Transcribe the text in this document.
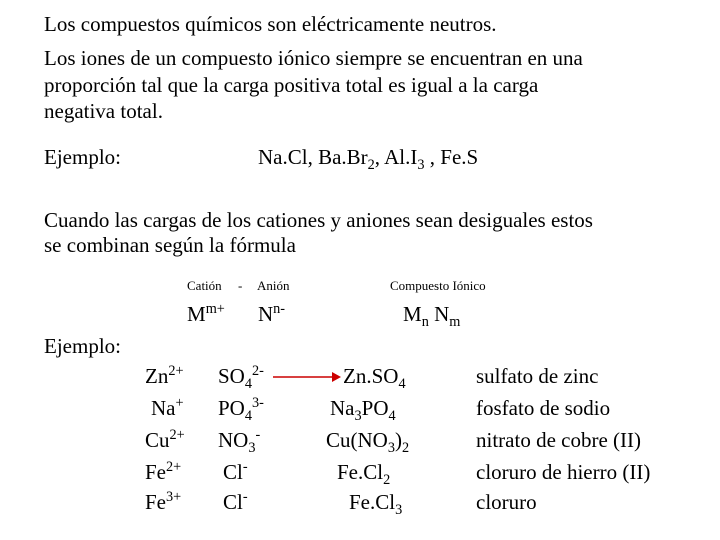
Los compuestos químicos son eléctricamente neutros.
Los iones de un compuesto iónico siempre se encuentran en una
proporción tal que la carga positiva total es igual a la carga
negativa total.
Ejemplo:	Na.Cl, $Ba.Br_2$, $Al.I_3$ , Fe.S
Cuando las cargas de los cationes y aniones sean desiguales estos
se combinan según la fórmula
Catión - Anión	Compuesto Iónico
$M^{m+}$ $N^{n-}$	$M_n$ $N_m$
Ejemplo:
$Zn^{2+}$ $SO_4^{2-}$	$Zn.SO_4$	sulfato de zinc
Na+ $PO_4^{3-}$	$Na_3PO_4$	fosfato de sodio
$Cu^{2+}$ $NO_3^-$	$Cu(NO_3)_2$	nitrato de cobre (II)
$Fe^{2+}$ Cl-	$Fe.Cl_2$	cloruro de hierro (II)
$Fe^{3+}$ Cl-	$Fe.Cl_3$	cloruro
